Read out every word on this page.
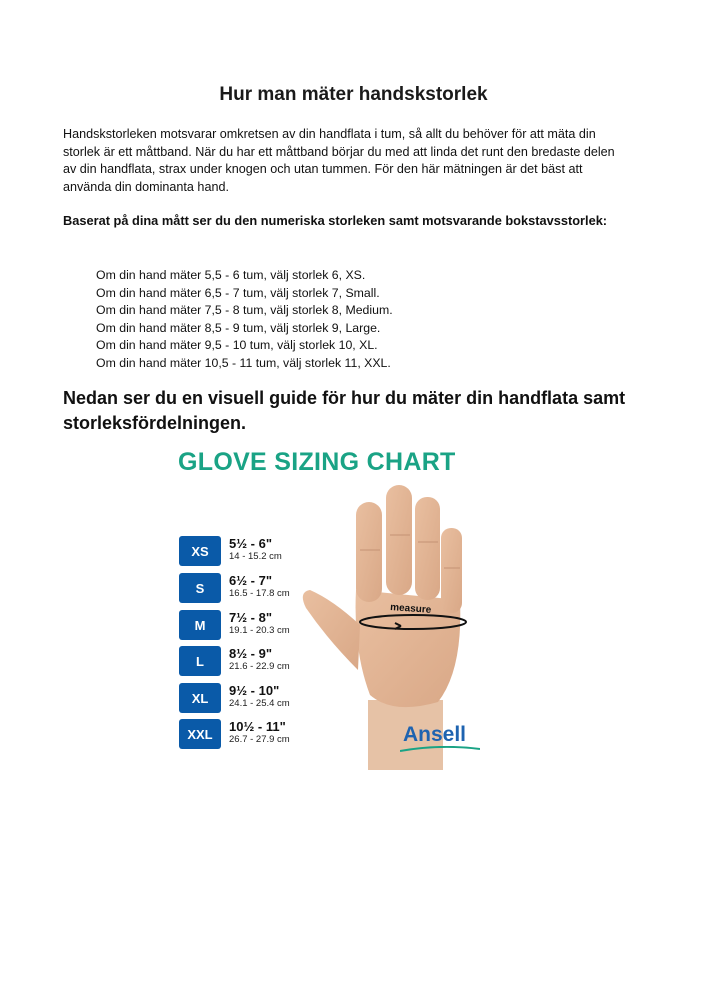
Hur man mäter handskstorlek
Handskstorleken motsvarar omkretsen av din handflata i tum, så allt du behöver för att mäta din storlek är ett måttband. När du har ett måttband börjar du med att linda det runt den bredaste delen av din handflata, strax under knogen och utan tummen. För den här mätningen är det bäst att använda din dominanta hand.
Baserat på dina mått ser du den numeriska storleken samt motsvarande bokstavsstorlek:
Om din hand mäter 5,5 - 6 tum, välj storlek 6, XS.
Om din hand mäter 6,5 - 7 tum, välj storlek 7, Small.
Om din hand mäter 7,5 - 8 tum, välj storlek 8, Medium.
Om din hand mäter 8,5 - 9 tum, välj storlek 9, Large.
Om din hand mäter 9,5 - 10 tum, välj storlek 10, XL.
Om din hand mäter 10,5 - 11 tum, välj storlek 11, XXL.
Nedan ser du en visuell guide för hur du mäter din handflata samt storleksfördelningen.
GLOVE SIZING CHART
XS	5½ - 6"
14 - 15.2 cm
S	6½ - 7"
16.5 - 17.8 cm
M	7½ - 8"
19.1 - 20.3 cm
L	8½ - 9"
21.6 - 22.9 cm
XL	9½ - 10"
24.1 - 25.4 cm
XXL	10½ - 11"
26.7 - 27.9 cm
measure
Ansell
